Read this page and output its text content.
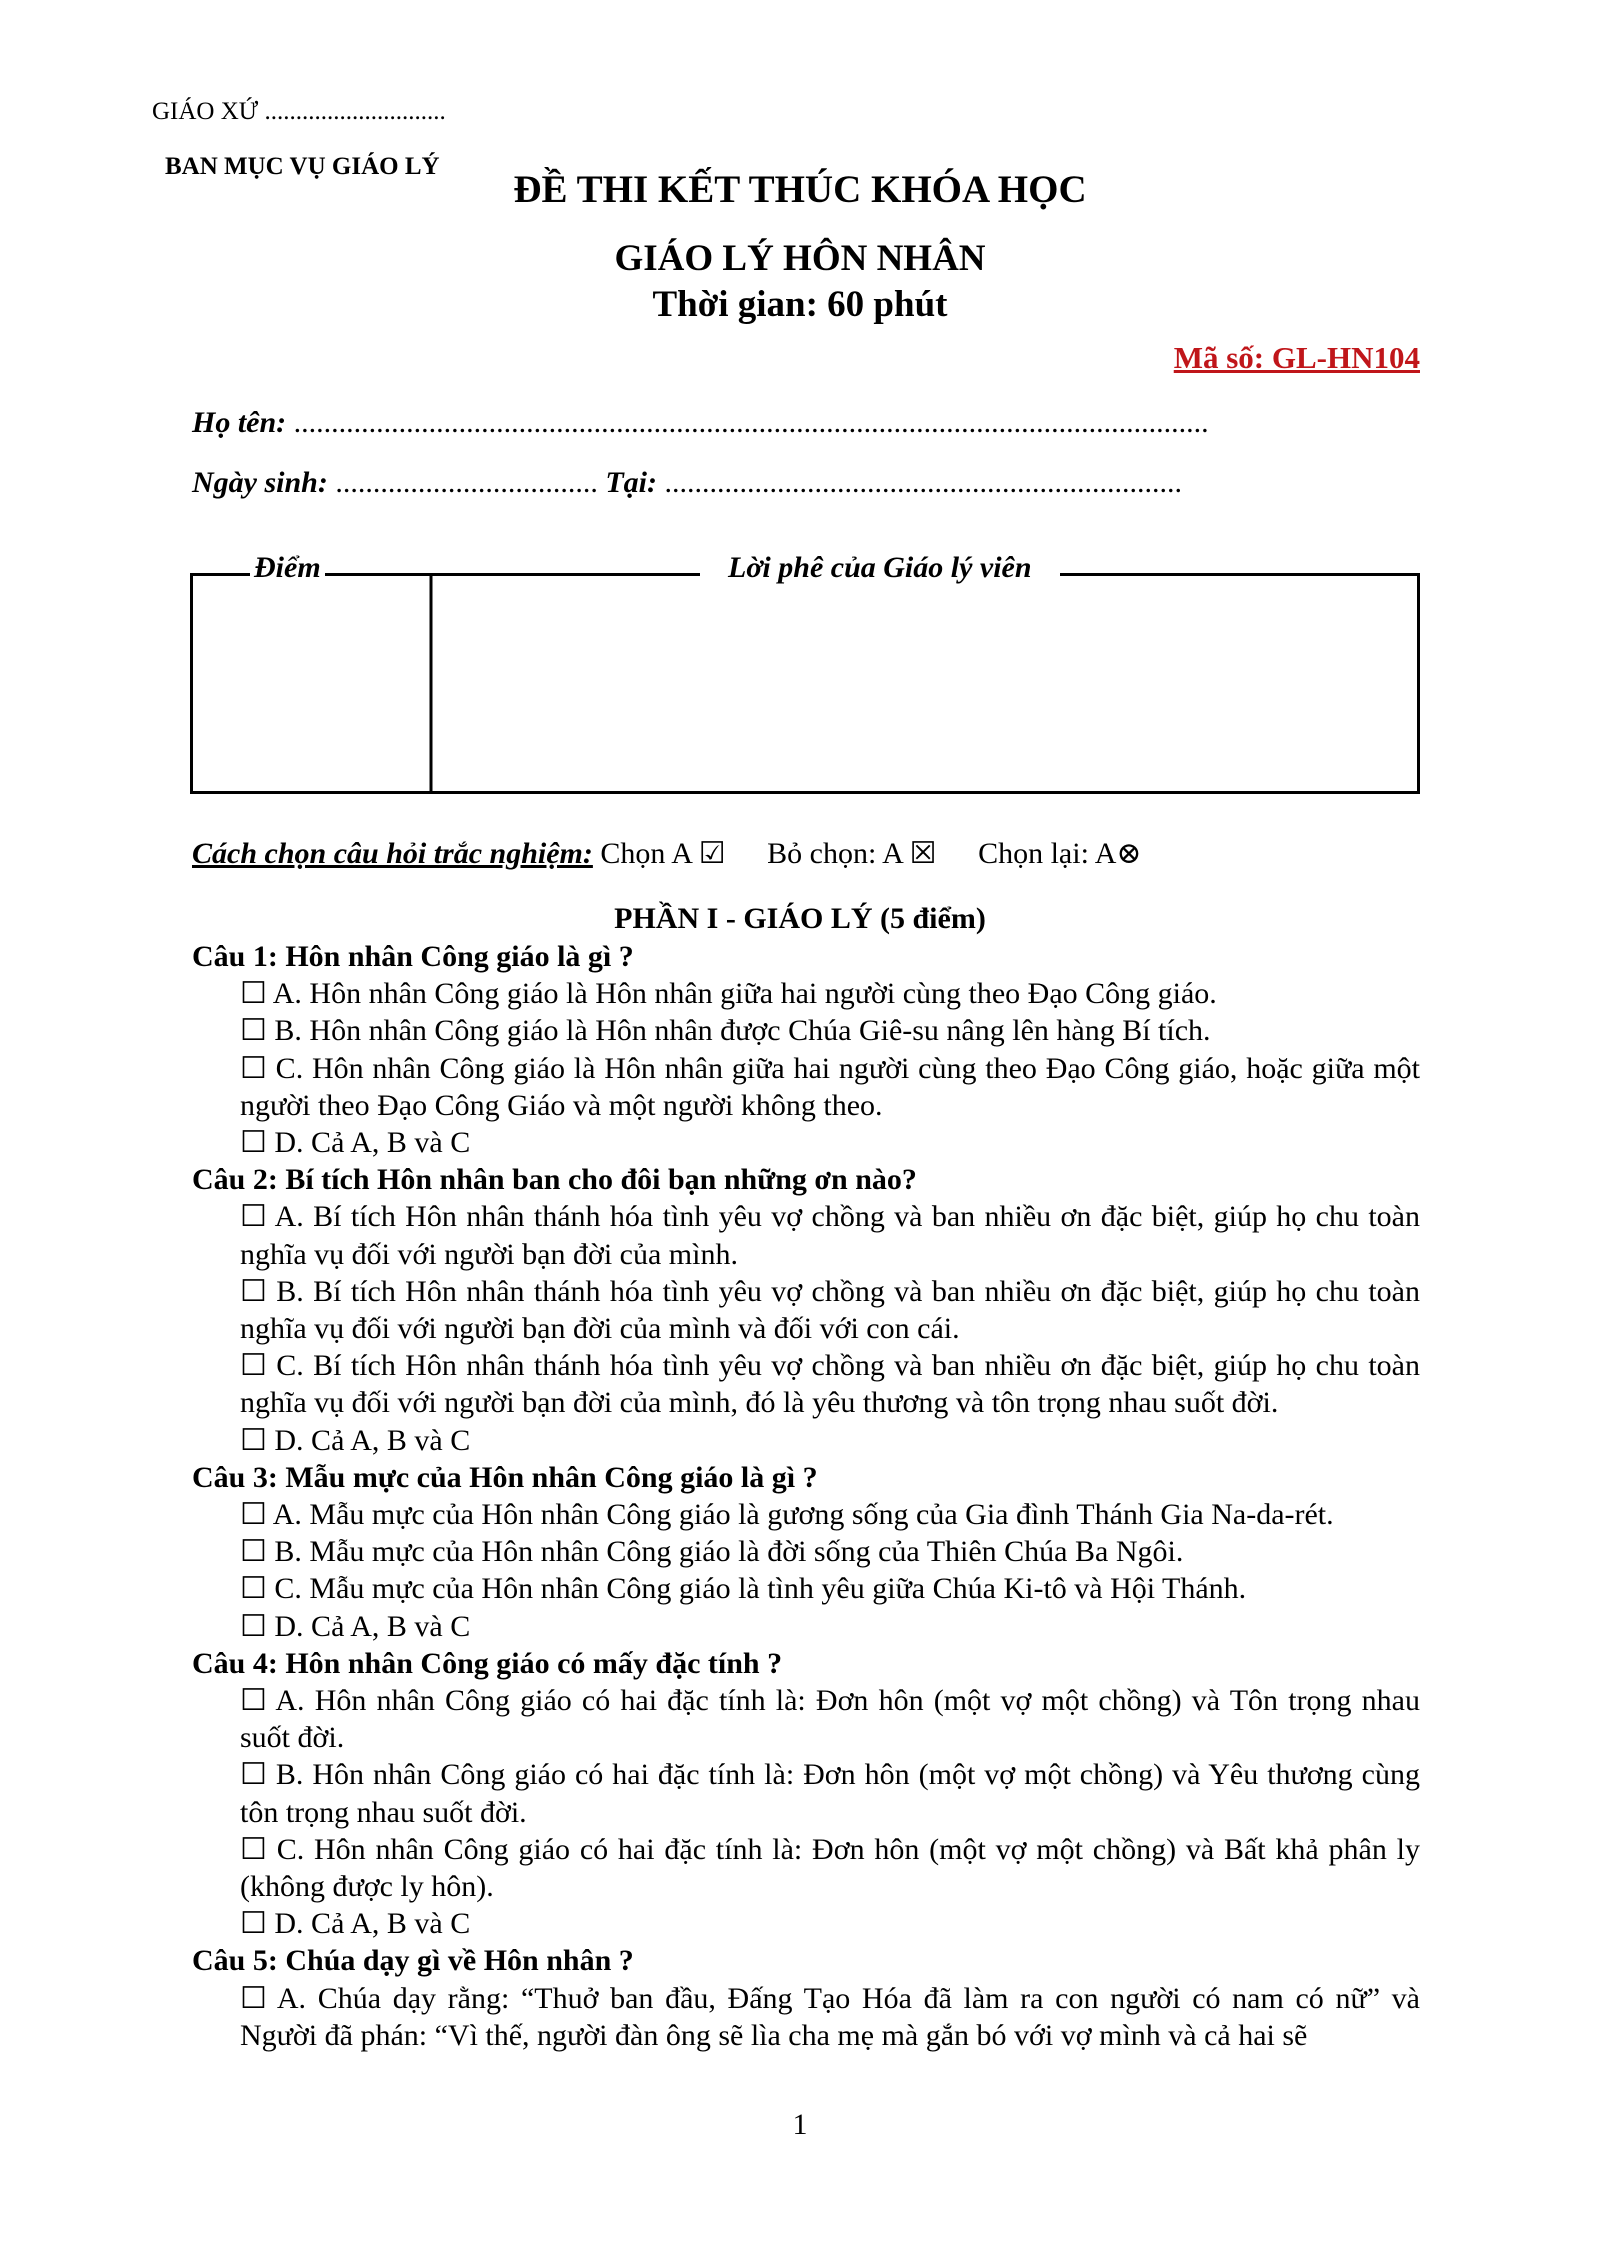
GIÁO XỨ .............................
BAN MỤC VỤ GIÁO LÝ
ĐỀ THI KẾT THÚC KHÓA HỌC
GIÁO LÝ HÔN NHÂN
Thời gian: 60 phút
Mã số: GL-HN104
Họ tên: ..........................................................................................................................
Ngày sinh: ................................... Tại: .....................................................................
Điểm	Lời phê của Giáo lý viên
Cách chọn câu hỏi trắc nghiệm: Chọn A ☑ Bỏ chọn: A ☒ Chọn lại: A⊗
PHẦN I - GIÁO LÝ (5 điểm)
Câu 1: Hôn nhân Công giáo là gì ?
☐ A. Hôn nhân Công giáo là Hôn nhân giữa hai người cùng theo Đạo Công giáo.
☐ B. Hôn nhân Công giáo là Hôn nhân được Chúa Giê-su nâng lên hàng Bí tích.
☐ C. Hôn nhân Công giáo là Hôn nhân giữa hai người cùng theo Đạo Công giáo, hoặc giữa một người theo Đạo Công Giáo và một người không theo.
☐ D. Cả A, B và C
Câu 2: Bí tích Hôn nhân ban cho đôi bạn những ơn nào?
☐ A. Bí tích Hôn nhân thánh hóa tình yêu vợ chồng và ban nhiều ơn đặc biệt, giúp họ chu toàn nghĩa vụ đối với người bạn đời của mình.
☐ B. Bí tích Hôn nhân thánh hóa tình yêu vợ chồng và ban nhiều ơn đặc biệt, giúp họ chu toàn nghĩa vụ đối với người bạn đời của mình và đối với con cái.
☐ C. Bí tích Hôn nhân thánh hóa tình yêu vợ chồng và ban nhiều ơn đặc biệt, giúp họ chu toàn nghĩa vụ đối với người bạn đời của mình, đó là yêu thương và tôn trọng nhau suốt đời.
☐ D. Cả A, B và C
Câu 3: Mẫu mực của Hôn nhân Công giáo là gì ?
☐ A. Mẫu mực của Hôn nhân Công giáo là gương sống của Gia đình Thánh Gia Na-da-rét.
☐ B. Mẫu mực của Hôn nhân Công giáo là đời sống của Thiên Chúa Ba Ngôi.
☐ C. Mẫu mực của Hôn nhân Công giáo là tình yêu giữa Chúa Ki-tô và Hội Thánh.
☐ D. Cả A, B và C
Câu 4: Hôn nhân Công giáo có mấy đặc tính ?
☐ A. Hôn nhân Công giáo có hai đặc tính là: Đơn hôn (một vợ một chồng) và Tôn trọng nhau suốt đời.
☐ B. Hôn nhân Công giáo có hai đặc tính là: Đơn hôn (một vợ một chồng) và Yêu thương cùng tôn trọng nhau suốt đời.
☐ C. Hôn nhân Công giáo có hai đặc tính là: Đơn hôn (một vợ một chồng) và Bất khả phân ly (không được ly hôn).
☐ D. Cả A, B và C
Câu 5: Chúa dạy gì về Hôn nhân ?
☐ A. Chúa dạy rằng: “Thuở ban đầu, Đấng Tạo Hóa đã làm ra con người có nam có nữ” và Người đã phán: “Vì thế, người đàn ông sẽ lìa cha mẹ mà gắn bó với vợ mình và cả hai sẽ
1
